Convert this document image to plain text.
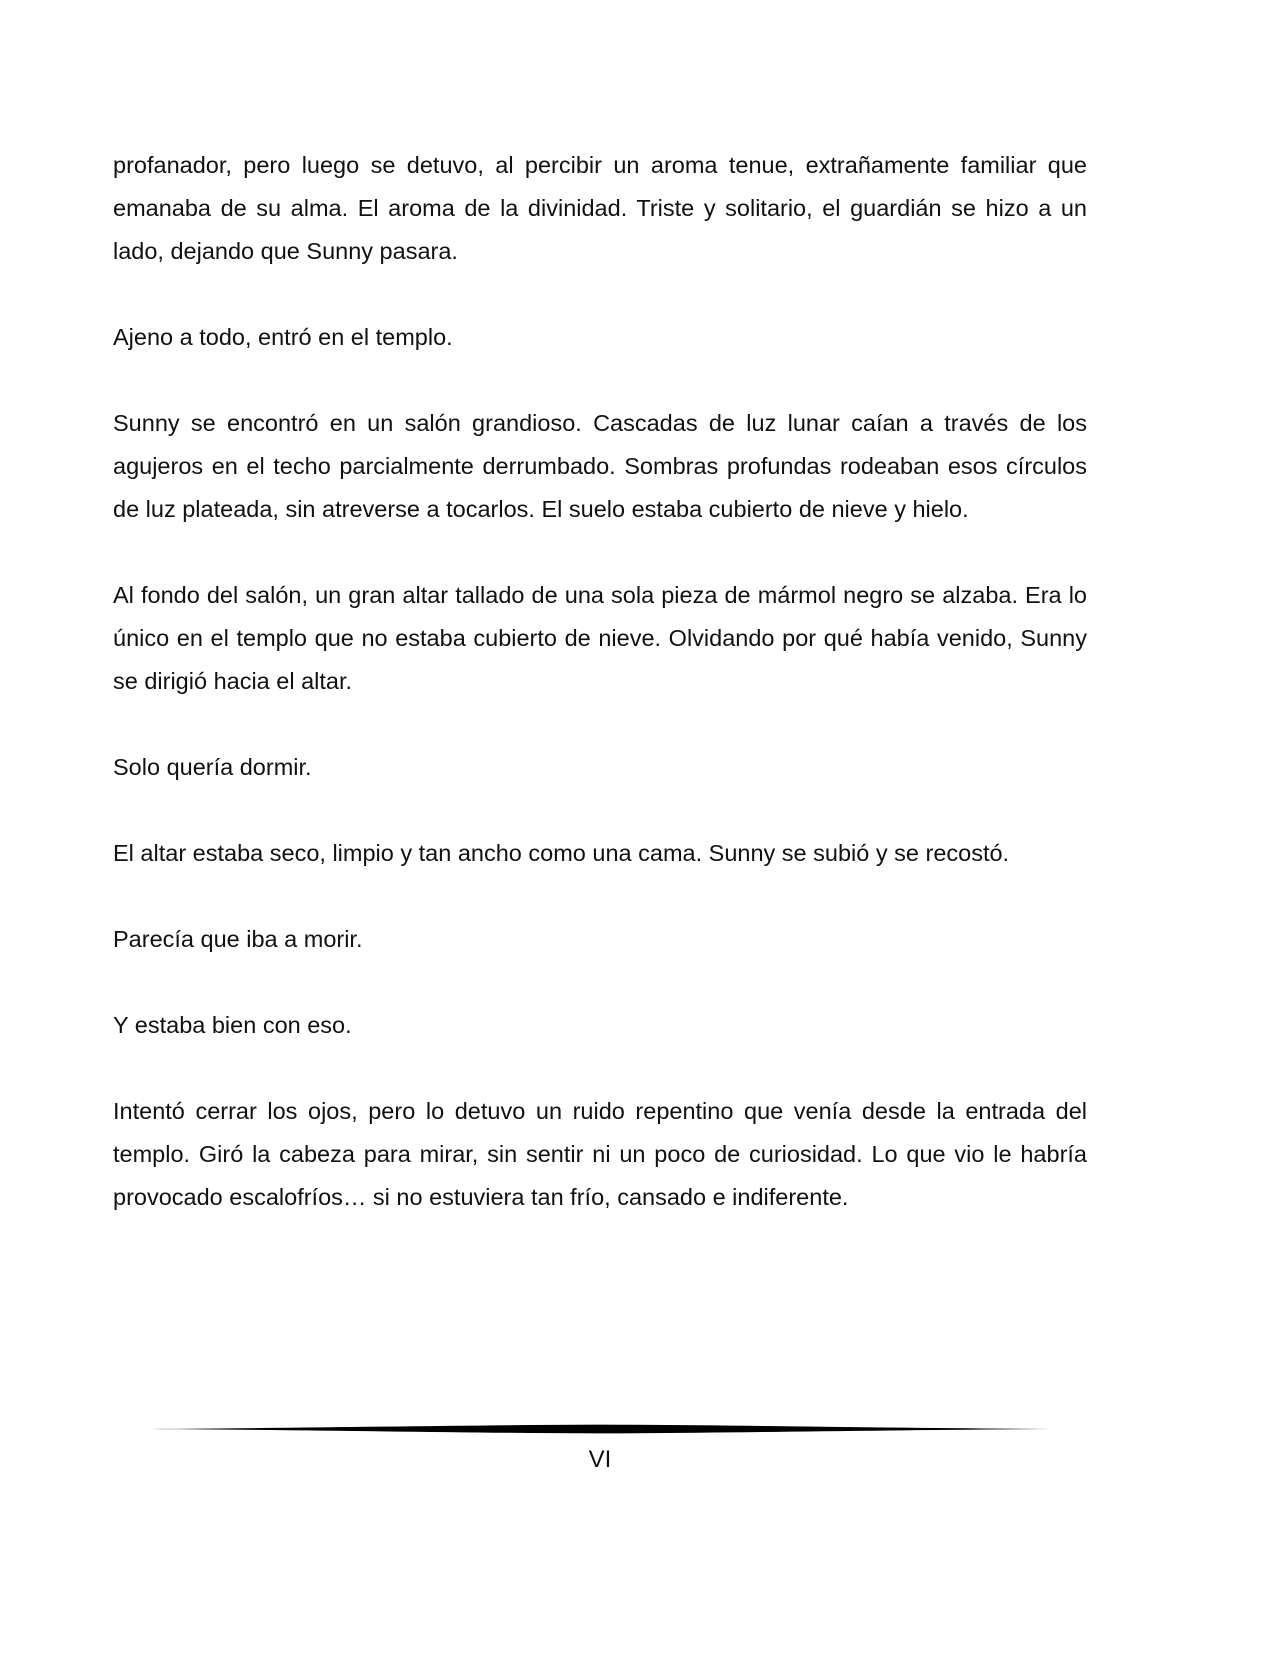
profanador, pero luego se detuvo, al percibir un aroma tenue, extrañamente familiar que emanaba de su alma. El aroma de la divinidad. Triste y solitario, el guardián se hizo a un lado, dejando que Sunny pasara.

Ajeno a todo, entró en el templo.

Sunny se encontró en un salón grandioso. Cascadas de luz lunar caían a través de los agujeros en el techo parcialmente derrumbado. Sombras profundas rodeaban esos círculos de luz plateada, sin atreverse a tocarlos. El suelo estaba cubierto de nieve y hielo.

Al fondo del salón, un gran altar tallado de una sola pieza de mármol negro se alzaba. Era lo único en el templo que no estaba cubierto de nieve. Olvidando por qué había venido, Sunny se dirigió hacia el altar.

Solo quería dormir.

El altar estaba seco, limpio y tan ancho como una cama. Sunny se subió y se recostó.

Parecía que iba a morir.

Y estaba bien con eso.

Intentó cerrar los ojos, pero lo detuvo un ruido repentino que venía desde la entrada del templo. Giró la cabeza para mirar, sin sentir ni un poco de curiosidad. Lo que vio le habría provocado escalofríos… si no estuviera tan frío, cansado e indiferente.

VI
